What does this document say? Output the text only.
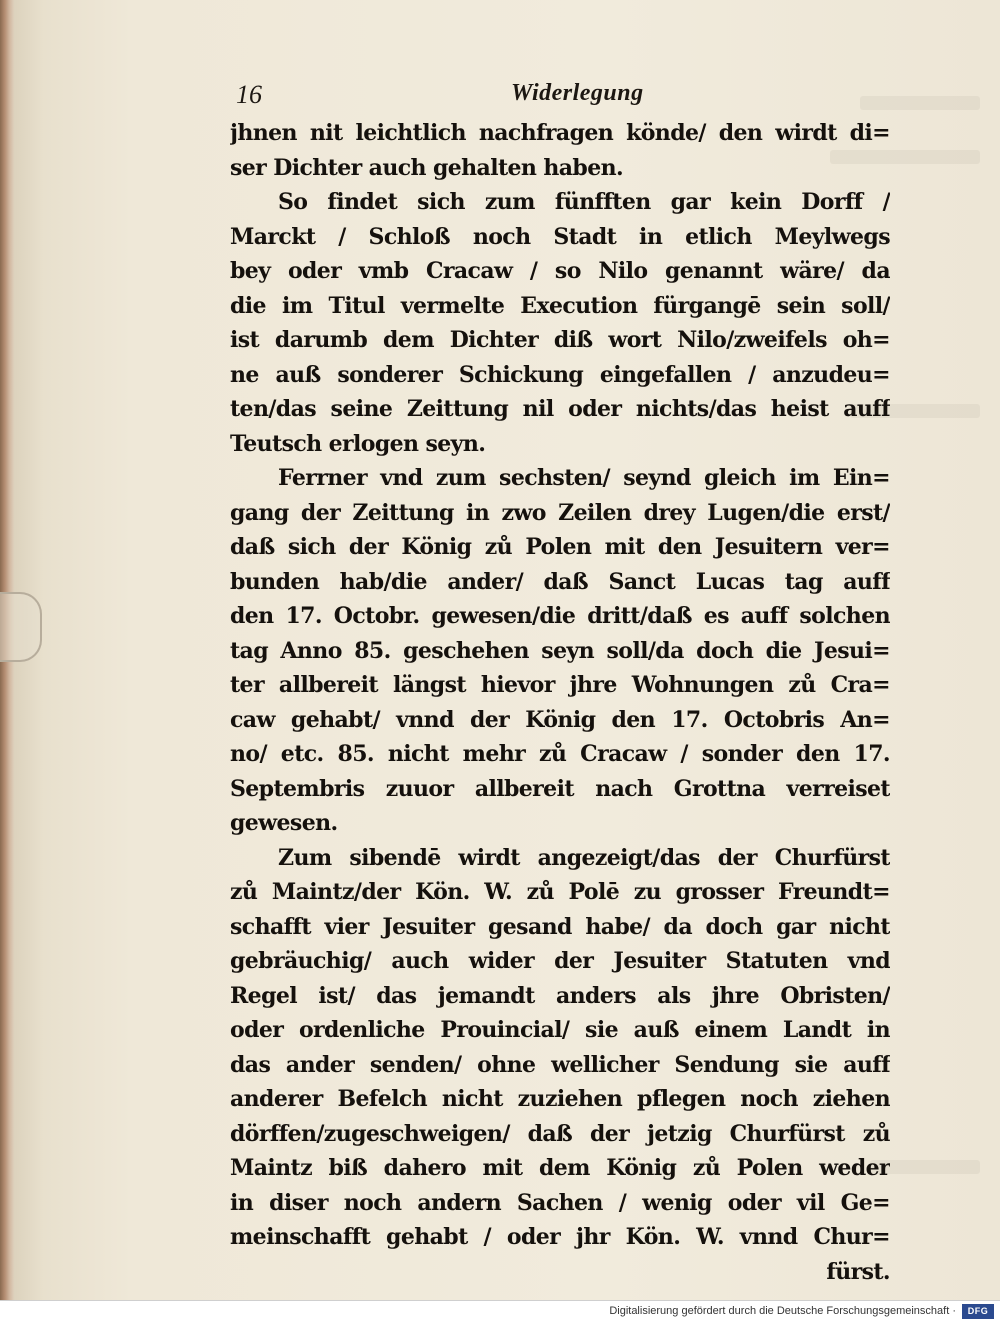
16	Widerlegung
jhnen nit leichtlich nachfragen könde/ den wirdt di=
ser Dichter auch gehalten haben.
So findet sich zum fünfften gar kein Dorff /
Marckt / Schloß noch Stadt in etlich Meylwegs
bey oder vmb Cracaw / so Nilo genannt wäre/ da
die im Titul vermelte Execution fürgangē sein soll/
ist darumb dem Dichter diß wort Nilo/zweifels oh=
ne auß sonderer Schickung eingefallen / anzudeu=
ten/das seine Zeittung nil oder nichts/das heist auff
Teutsch erlogen seyn.
Ferrner vnd zum sechsten/ seynd gleich im Ein=
gang der Zeittung in zwo Zeilen drey Lugen/die erst/
daß sich der König zů Polen mit den Jesuitern ver=
bunden hab/die ander/ daß Sanct Lucas tag auff
den 17. Octobr. gewesen/die dritt/daß es auff solchen
tag Anno 85. geschehen seyn soll/da doch die Jesui=
ter allbereit längst hievor jhre Wohnungen zů Cra=
caw gehabt/ vnnd der König den 17. Octobris An=
no/ etc. 85. nicht mehr zů Cracaw / sonder den 17.
Septembris zuuor allbereit nach Grottna verreiset
gewesen.
Zum sibendē wirdt angezeigt/das der Churfürst
zů Maintz/der Kön. W. zů Polē zu grosser Freundt=
schafft vier Jesuiter gesand habe/ da doch gar nicht
gebräuchig/ auch wider der Jesuiter Statuten vnd
Regel ist/ das jemandt anders als jhre Obristen/
oder ordenliche Prouincial/ sie auß einem Landt in
das ander senden/ ohne wellicher Sendung sie auff
anderer Befelch nicht zuziehen pflegen noch ziehen
dörffen/zugeschweigen/ daß der jetzig Churfürst zů
Maintz biß dahero mit dem König zů Polen weder
in diser noch andern Sachen / wenig oder vil Ge=
meinschafft gehabt / oder jhr Kön. W. vnnd Chur=
fürst.
Digitalisierung gefördert durch die Deutsche Forschungsgemeinschaft ·	DFG
